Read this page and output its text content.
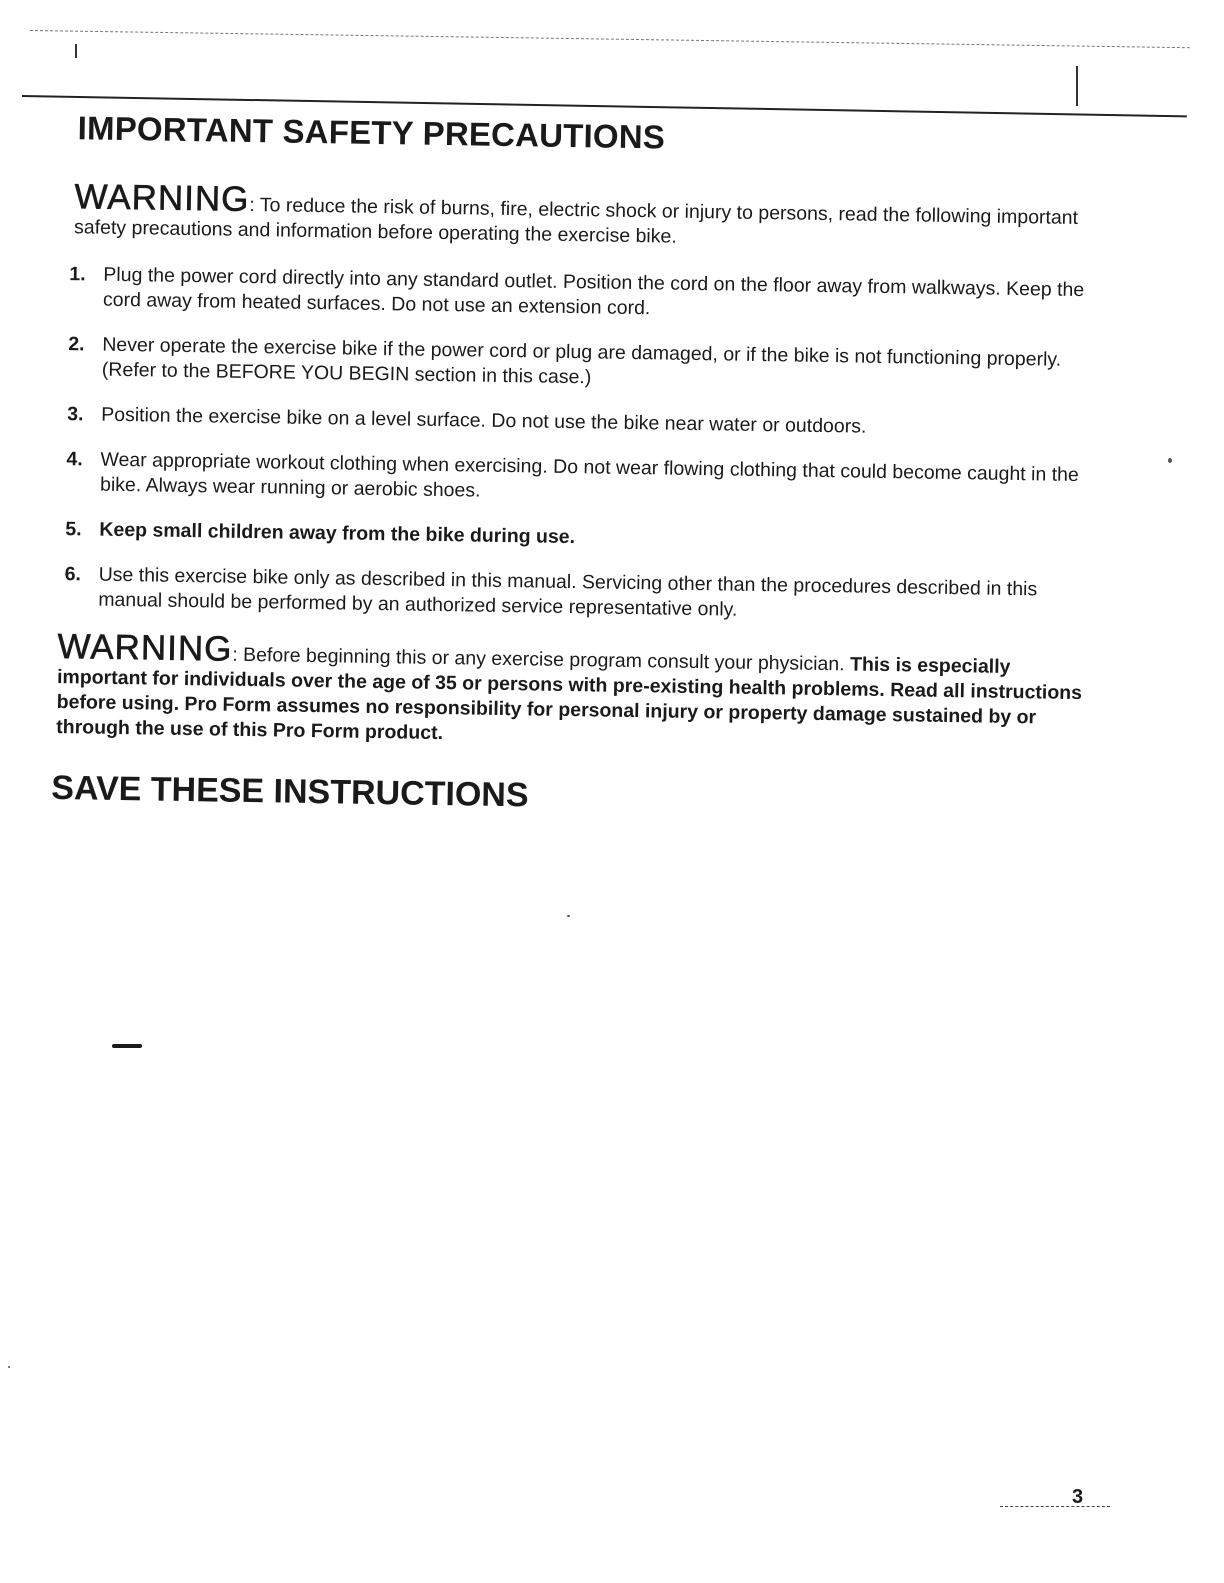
IMPORTANT SAFETY PRECAUTIONS
WARNING: To reduce the risk of burns, fire, electric shock or injury to persons, read the following important safety precautions and information before operating the exercise bike.
1. Plug the power cord directly into any standard outlet. Position the cord on the floor away from walkways. Keep the cord away from heated surfaces. Do not use an extension cord.
2. Never operate the exercise bike if the power cord or plug are damaged, or if the bike is not functioning properly. (Refer to the BEFORE YOU BEGIN section in this case.)
3. Position the exercise bike on a level surface. Do not use the bike near water or outdoors.
4. Wear appropriate workout clothing when exercising. Do not wear flowing clothing that could become caught in the bike. Always wear running or aerobic shoes.
5. Keep small children away from the bike during use.
6. Use this exercise bike only as described in this manual. Servicing other than the procedures described in this manual should be performed by an authorized service representative only.
WARNING: Before beginning this or any exercise program consult your physician. This is especially important for individuals over the age of 35 or persons with pre-existing health problems. Read all instructions before using. Pro Form assumes no responsibility for personal injury or property damage sustained by or through the use of this Pro Form product.
SAVE THESE INSTRUCTIONS
3
